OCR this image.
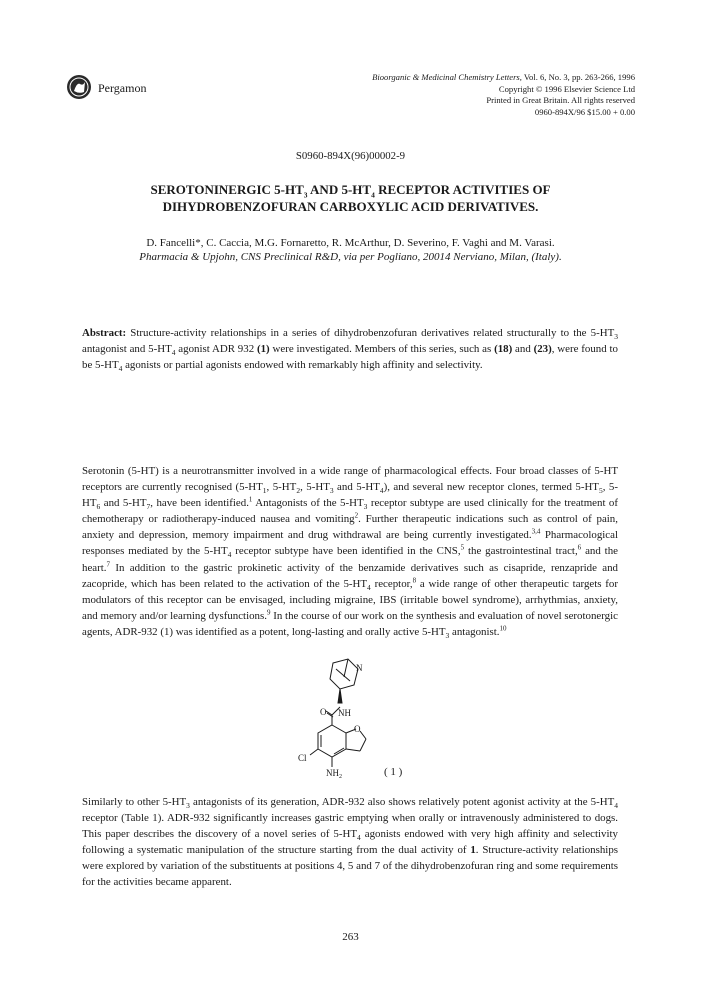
Pergamon
Bioorganic & Medicinal Chemistry Letters, Vol. 6, No. 3, pp. 263-266, 1996
Copyright © 1996 Elsevier Science Ltd
Printed in Great Britain. All rights reserved
0960-894X/96 $15.00 + 0.00
S0960-894X(96)00002-9
SEROTONINERGIC $5-HT_3$ AND $5-HT_4$ RECEPTOR ACTIVITIES OF
DIHYDROBENZOFURAN CARBOXYLIC ACID DERIVATIVES.
D. Fancelli*, C. Caccia, M.G. Fornaretto, R. McArthur, D. Severino, F. Vaghi and M. Varasi.
Pharmacia & Upjohn, CNS Preclinical R&D, via per Pogliano, 20014 Nerviano, Milan, (Italy).
Abstract: Structure-activity relationships in a series of dihydrobenzofuran derivatives related structurally to the $5-HT_3$ antagonist and $5-HT_4$ agonist ADR 932 (1) were investigated. Members of this series, such as (18) and (23), were found to be $5-HT_4$ agonists or partial agonists endowed with remarkably high affinity and selectivity.
Serotonin (5-HT) is a neurotransmitter involved in a wide range of pharmacological effects. Four broad classes of 5-HT receptors are currently recognised ($5-HT_1$, $5-HT_2$, $5-HT_3$ and $5-HT_4$), and several new receptor clones, termed $5-HT_5$, $5-HT_6$ and $5-HT_7$, have been identified.$^1$ Antagonists of the $5-HT_3$ receptor subtype are used clinically for the treatment of chemotherapy or radiotherapy-induced nausea and vomiting$^2$. Further therapeutic indications such as control of pain, anxiety and depression, memory impairment and drug withdrawal are being currently investigated.$^{3,4}$ Pharmacological responses mediated by the $5-HT_4$ receptor subtype have been identified in the CNS,$^5$ the gastrointestinal tract,$^6$ and the heart.$^7$ In addition to the gastric prokinetic activity of the benzamide derivatives such as cisapride, renzapride and zacopride, which has been related to the activation of the $5-HT_4$ receptor,$^8$ a wide range of other therapeutic targets for modulators of this receptor can be envisaged, including migraine, IBS (irritable bowel syndrome), arrhythmias, anxiety, and memory and/or learning dysfunctions.$^9$ In the course of our work on the synthesis and evaluation of novel serotonergic agents, ADR-932 (1) was identified as a potent, long-lasting and orally active $5-HT_3$ antagonist.$^{10}$
N
O NH
O
Cl
$NH_2$	( 1 )
Similarly to other $5-HT_3$ antagonists of its generation, ADR-932 also shows relatively potent agonist activity at the $5-HT_4$ receptor (Table 1). ADR-932 significantly increases gastric emptying when orally or intravenously administered to dogs. This paper describes the discovery of a novel series of $5-HT_4$ agonists endowed with very high affinity and selectivity following a systematic manipulation of the structure starting from the dual activity of 1. Structure-activity relationships were explored by variation of the substituents at positions 4, 5 and 7 of the dihydrobenzofuran ring and some requirements for the activities became apparent.
263
